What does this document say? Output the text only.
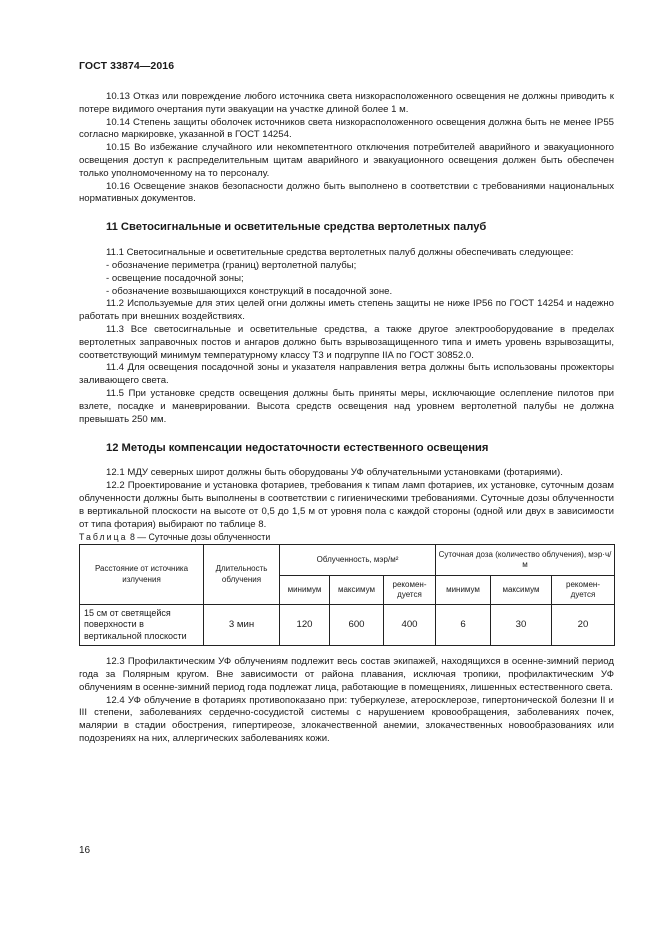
ГОСТ 33874—2016

10.13 Отказ или повреждение любого источника света низкорасположенного освещения не должны приводить к потере видимого очертания пути эвакуации на участке длиной более 1 м.

10.14 Степень защиты оболочек источников света низкорасположенного освещения должна быть не менее IP55 согласно маркировке, указанной в ГОСТ 14254.

10.15 Во избежание случайного или некомпетентного отключения потребителей аварийного и эвакуационного освещения доступ к распределительным щитам аварийного и эвакуационного освещения должен быть обеспечен только уполномоченному на то персоналу.

10.16 Освещение знаков безопасности должно быть выполнено в соответствии с требованиями национальных нормативных документов.

11 Светосигнальные и осветительные средства вертолетных палуб

11.1 Светосигнальные и осветительные средства вертолетных палуб должны обеспечивать следующее:

- обозначение периметра (границ) вертолетной палубы;

- освещение посадочной зоны;

- обозначение возвышающихся конструкций в посадочной зоне.

11.2 Используемые для этих целей огни должны иметь степень защиты не ниже IP56 по ГОСТ 14254 и надежно работать при внешних воздействиях.

11.3 Все светосигнальные и осветительные средства, а также другое электрооборудование в пределах вертолетных заправочных постов и ангаров должно быть взрывозащищенного типа и иметь уровень взрывозащиты, соответствующий минимум температурному классу Т3 и подгруппе IIA по ГОСТ 30852.0.

11.4 Для освещения посадочной зоны и указателя направления ветра должны быть использованы прожекторы заливающего света.

11.5 При установке средств освещения должны быть приняты меры, исключающие ослепление пилотов при взлете, посадке и маневрировании. Высота средств освещения над уровнем вертолетной палубы не должна превышать 250 мм.

12 Методы компенсации недостаточности естественного освещения

12.1 МДУ северных широт должны быть оборудованы УФ облучательными установками (фотариями).

12.2 Проектирование и установка фотариев, требования к типам ламп фотариев, их установке, суточным дозам облученности должны быть выполнены в соответствии с гигиеническими требованиями. Суточные дозы облученности в вертикальной плоскости на высоте от 0,5 до 1,5 м от уровня пола с каждой стороны (одной или двух в зависимости от типа фотария) выбирают по таблице 8.

Таблица 8 — Суточные дозы облученности

Расстояние от источника излучения	Длительность облучения	Облученность, мэр/м²			Суточная доза (количество облучения), мэр·ч/м		
		минимум	максимум	рекомен-дуется	минимум	максимум	рекомен-дуется
15 см от светящейся поверхности в вертикальной плоскости	3 мин	120	600	400	6	30	20

12.3 Профилактическим УФ облучениям подлежит весь состав экипажей, находящихся в осенне-зимний период года за Полярным кругом. Вне зависимости от района плавания, исключая тропики, профилактическим УФ облучениям в осенне-зимний период года подлежат лица, работающие в помещениях, лишенных естественного света.

12.4 УФ облучение в фотариях противопоказано при: туберкулезе, атеросклерозе, гипертонической болезни II и III степени, заболеваниях сердечно-сосудистой системы с нарушением кровообращения, заболеваниях почек, малярии в стадии обострения, гипертиреозе, злокачественной анемии, злокачественных новообразованиях или подозрениях на них, аллергических заболеваниях кожи.

16
